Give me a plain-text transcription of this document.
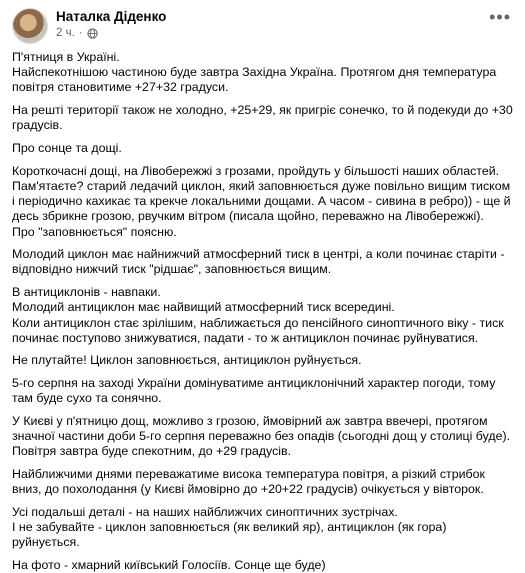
Наталка Діденко
2 ч. ·
•••

П'ятниця в Україні.
Найспекотнішою частиною буде завтра Західна Україна. Протягом дня температура повітря становитиме +27+32 градуси.

На решті території також не холодно, +25+29, як пригріє сонечко, то й подекуди до +30 градусів.

Про сонце та дощі.

Короткочасні дощі, на Лівобережжі з грозами, пройдуть у більшості наших областей.
Пам'ятаєте? старий ледачий циклон, який заповнюється дуже повільно вищим тиском і періодично кахикає та крекче локальними дощами. А часом - сивина в ребро)) - ще й десь збрикне грозою, рвучким вітром (писала щойно, переважно на Лівобережжі).
Про "заповнюється" поясню.

Молодий циклон має найнижчий атмосферний тиск в центрі, а коли починає старіти - відповідно нижчий тиск "рідшає", заповнюється вищим.

В антициклонів - навпаки.
Молодий антициклон має найвищий атмосферний тиск всередині.
Коли антициклон стає зрілішим, наближається до пенсійного синоптичного віку - тиск починає поступово знижуватися, падати - то ж антициклон починає руйнуватися.

Не плутайте! Циклон заповнюється, антициклон руйнується.

5-го серпня на заході України домінуватиме антициклонічний характер погоди, тому там буде сухо та сонячно.

У Києві у п'ятницю дощ, можливо з грозою, ймовірний аж завтра ввечері, протягом значної частини доби 5-го серпня переважно без опадів (сьогодні дощ у столиці буде).
Повітря завтра буде спекотним, до +29 градусів.

Найближчими днями переважатиме висока температура повітря, а різкий стрибок вниз, до похолодання (у Києві ймовірно до +20+22 градусів) очікується у вівторок.

Усі подальші деталі - на наших найближчих синоптичних зустрічах.
І не забувайте - циклон заповнюється (як великий яр), антициклон (як гора) руйнується.

На фото - хмарний київський Голосіїв. Сонце ще буде)
